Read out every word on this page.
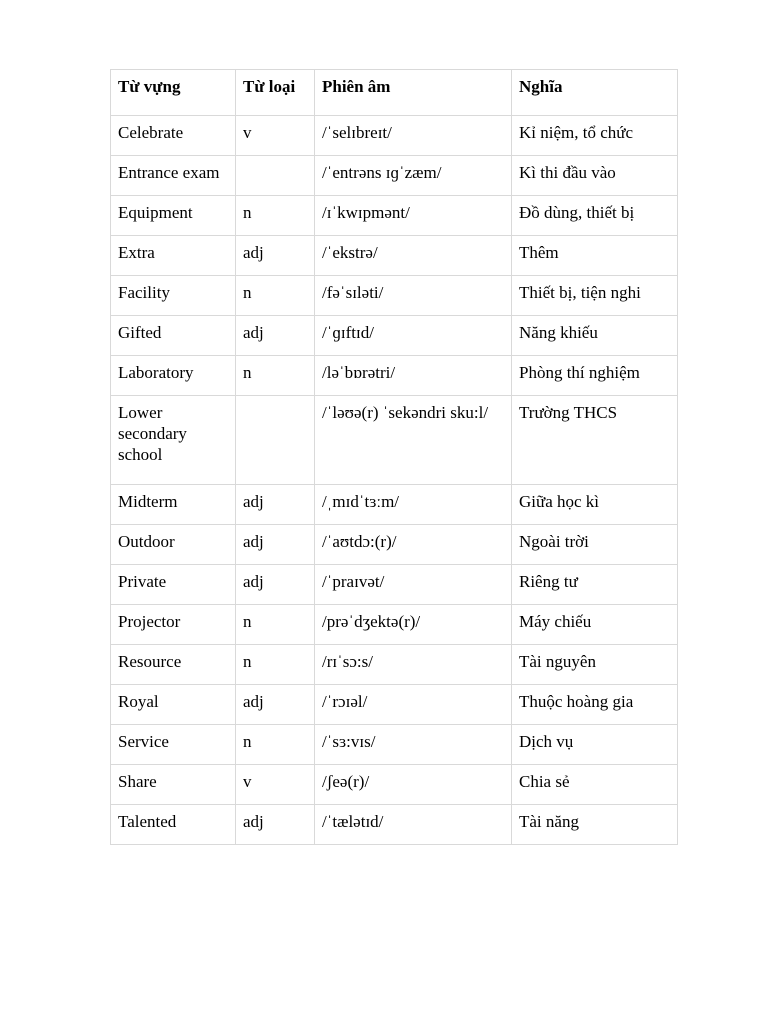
Từ vựng	Từ loại	Phiên âm	Nghĩa
Celebrate	v	/ˈselɪbreɪt/	Kỉ niệm, tổ chức
Entrance exam		/ˈentrəns ɪɡˈzæm/	Kì thi đầu vào
Equipment	n	/ɪˈkwɪpmənt/	Đồ dùng, thiết bị
Extra	adj	/ˈekstrə/	Thêm
Facility	n	/fəˈsɪləti/	Thiết bị, tiện nghi
Gifted	adj	/ˈɡɪftɪd/	Năng khiếu
Laboratory	n	/ləˈbɒrətri/	Phòng thí nghiệm
Lower secondary school		/ˈləʊə(r) ˈsekəndri sku:l/	Trường THCS
Midterm	adj	/ˌmɪdˈtɜːm/	Giữa học kì
Outdoor	adj	/ˈaʊtdɔ:(r)/	Ngoài trời
Private	adj	/ˈpraɪvət/	Riêng tư
Projector	n	/prəˈdʒektə(r)/	Máy chiếu
Resource	n	/rɪˈsɔ:s/	Tài nguyên
Royal	adj	/ˈrɔɪəl/	Thuộc hoàng gia
Service	n	/ˈsɜ:vɪs/	Dịch vụ
Share	v	/ʃeə(r)/	Chia sẻ
Talented	adj	/ˈtælətɪd/	Tài năng
